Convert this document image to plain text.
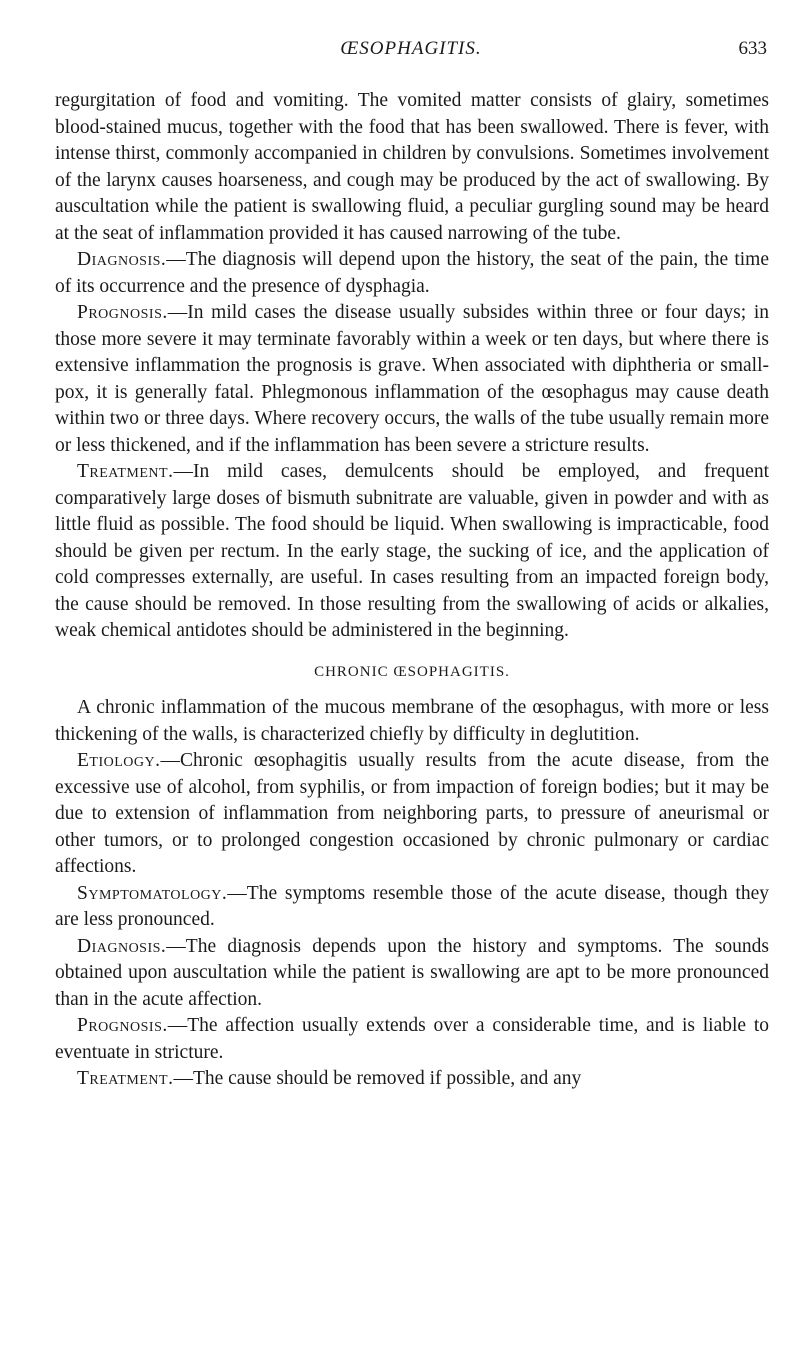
ŒSOPHAGITIS.	633

regurgitation of food and vomiting. The vomited matter consists of glairy, sometimes blood-stained mucus, together with the food that has been swallowed. There is fever, with intense thirst, commonly accompanied in children by convulsions. Sometimes involvement of the larynx causes hoarseness, and cough may be produced by the act of swallowing. By auscultation while the patient is swallowing fluid, a peculiar gurgling sound may be heard at the seat of inflammation provided it has caused narrowing of the tube.

Diagnosis.—The diagnosis will depend upon the history, the seat of the pain, the time of its occurrence and the presence of dysphagia.

Prognosis.—In mild cases the disease usually subsides within three or four days; in those more severe it may terminate favorably within a week or ten days, but where there is extensive inflammation the prognosis is grave. When associated with diphtheria or small-pox, it is generally fatal. Phlegmonous inflammation of the œsophagus may cause death within two or three days. Where recovery occurs, the walls of the tube usually remain more or less thickened, and if the inflammation has been severe a stricture results.

Treatment.—In mild cases, demulcents should be employed, and frequent comparatively large doses of bismuth subnitrate are valuable, given in powder and with as little fluid as possible. The food should be liquid. When swallowing is impracticable, food should be given per rectum. In the early stage, the sucking of ice, and the application of cold compresses externally, are useful. In cases resulting from an impacted foreign body, the cause should be removed. In those resulting from the swallowing of acids or alkalies, weak chemical antidotes should be administered in the beginning.

CHRONIC ŒSOPHAGITIS.

A chronic inflammation of the mucous membrane of the œsophagus, with more or less thickening of the walls, is characterized chiefly by difficulty in deglutition.

Etiology.—Chronic œsophagitis usually results from the acute disease, from the excessive use of alcohol, from syphilis, or from impaction of foreign bodies; but it may be due to extension of inflammation from neighboring parts, to pressure of aneurismal or other tumors, or to prolonged congestion occasioned by chronic pulmonary or cardiac affections.

Symptomatology.—The symptoms resemble those of the acute disease, though they are less pronounced.

Diagnosis.—The diagnosis depends upon the history and symptoms. The sounds obtained upon auscultation while the patient is swallowing are apt to be more pronounced than in the acute affection.

Prognosis.—The affection usually extends over a considerable time, and is liable to eventuate in stricture.

Treatment.—The cause should be removed if possible, and any
